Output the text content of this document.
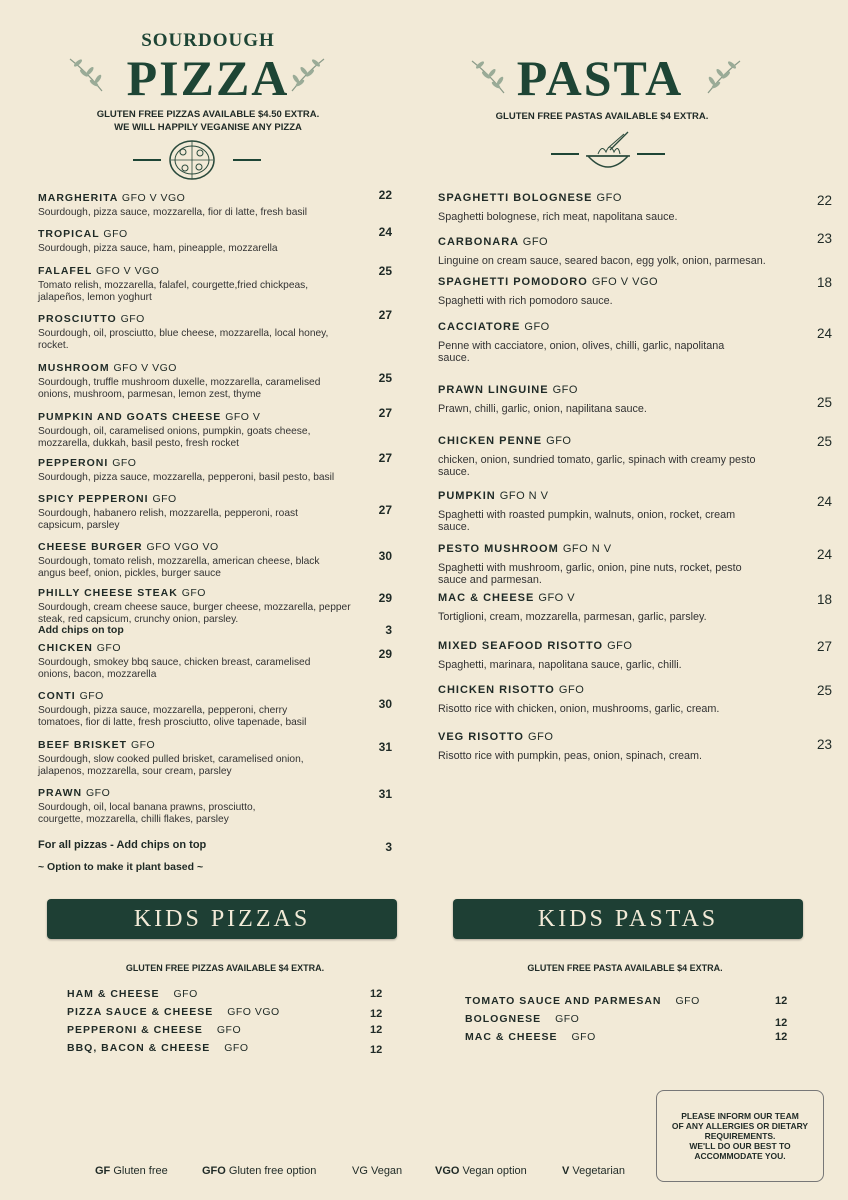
SOURDOUGH
PIZZA
GLUTEN FREE PIZZAS AVAILABLE $4.50 EXTRA.
WE WILL HAPPILY VEGANISE ANY PIZZA
PASTA
GLUTEN FREE PASTAS AVAILABLE $4 EXTRA.
MARGHERITA GFO V VGO
Sourdough, pizza sauce, mozzarella, fior di latte, fresh basil
22
TROPICAL GFO
Sourdough, pizza sauce, ham, pineapple, mozzarella
24
FALAFEL GFO V VGO
Tomato relish, mozzarella, falafel, courgette,fried chickpeas,
jalapeños, lemon yoghurt
25
PROSCIUTTO GFO
Sourdough, oil, prosciutto, blue cheese, mozzarella, local honey,
rocket.
27
MUSHROOM GFO V VGO
Sourdough, truffle mushroom duxelle, mozzarella, caramelised
onions, mushroom, parmesan, lemon zest, thyme
25
PUMPKIN AND GOATS CHEESE GFO V
Sourdough, oil, caramelised onions, pumpkin, goats cheese,
mozzarella, dukkah, basil pesto, fresh rocket
27
PEPPERONI GFO
Sourdough, pizza sauce, mozzarella, pepperoni, basil pesto, basil
27
SPICY PEPPERONI GFO
Sourdough, habanero relish, mozzarella, pepperoni, roast
capsicum, parsley
27
CHEESE BURGER GFO VGO VO
Sourdough, tomato relish, mozzarella, american cheese, black
angus beef, onion, pickles, burger sauce
30
PHILLY CHEESE STEAK GFO
Sourdough, cream cheese sauce, burger cheese, mozzarella, pepper
steak, red capsicum, crunchy onion, parsley.
29
CHICKEN GFO
Sourdough, smokey bbq sauce, chicken breast, caramelised
onions, bacon, mozzarella
29
CONTI GFO
Sourdough, pizza sauce, mozzarella, pepperoni, cherry
tomatoes, fior di latte, fresh prosciutto, olive tapenade, basil
30
BEEF BRISKET GFO
Sourdough, slow cooked pulled brisket, caramelised onion,
jalapenos, mozzarella, sour cream, parsley
31
PRAWN GFO
Sourdough, oil, local banana prawns, prosciutto,
courgette, mozzarella, chilli flakes, parsley
31
Add chips on top	3
For all pizzas - Add chips on top	3
~ Option to make it plant based ~
SPAGHETTI BOLOGNESE GFO
Spaghetti bolognese, rich meat, napolitana sauce.
22
CARBONARA GFO
Linguine on cream sauce, seared bacon, egg yolk, onion, parmesan.
23
SPAGHETTI POMODORO GFO V VGO
Spaghetti with rich pomodoro sauce.
18
CACCIATORE GFO
Penne with cacciatore, onion, olives, chilli, garlic, napolitana
sauce.
24
PRAWN LINGUINE GFO
Prawn, chilli, garlic, onion, napilitana sauce.	25
CHICKEN PENNE GFO
chicken, onion, sundried tomato, garlic, spinach with creamy pesto
sauce.
25
PUMPKIN GFO N V
Spaghetti with roasted pumpkin, walnuts, onion, rocket, cream
sauce.
24
PESTO MUSHROOM GFO N V
Spaghetti with mushroom, garlic, onion, pine nuts, rocket, pesto
sauce and parmesan.
24
MAC & CHEESE GFO V
Tortiglioni, cream, mozzarella, parmesan, garlic, parsley.
18
MIXED SEAFOOD RISOTTO GFO
Spaghetti, marinara, napolitana sauce, garlic, chilli.
27
CHICKEN RISOTTO GFO
Risotto rice with chicken, onion, mushrooms, garlic, cream.
25
VEG RISOTTO GFO
Risotto rice with pumpkin, peas, onion, spinach, cream.
23
KIDS PIZZAS	KIDS PASTAS
GLUTEN FREE PIZZAS AVAILABLE $4 EXTRA.	GLUTEN FREE PASTA AVAILABLE $4 EXTRA.
HAM & CHEESE GFO	12
PIZZA SAUCE & CHEESE GFO VGO	12
PEPPERONI & CHEESE GFO	12
BBQ, BACON & CHEESE GFO	12
TOMATO SAUCE AND PARMESAN GFO	12
BOLOGNESE GFO	12
MAC & CHEESE GFO	12
PLEASE INFORM OUR TEAM
OF ANY ALLERGIES OR DIETARY
REQUIREMENTS.
WE'LL DO OUR BEST TO
ACCOMMODATE YOU.
GF Gluten free	GFO Gluten free option	VG Vegan	VGO Vegan option	V Vegetarian
